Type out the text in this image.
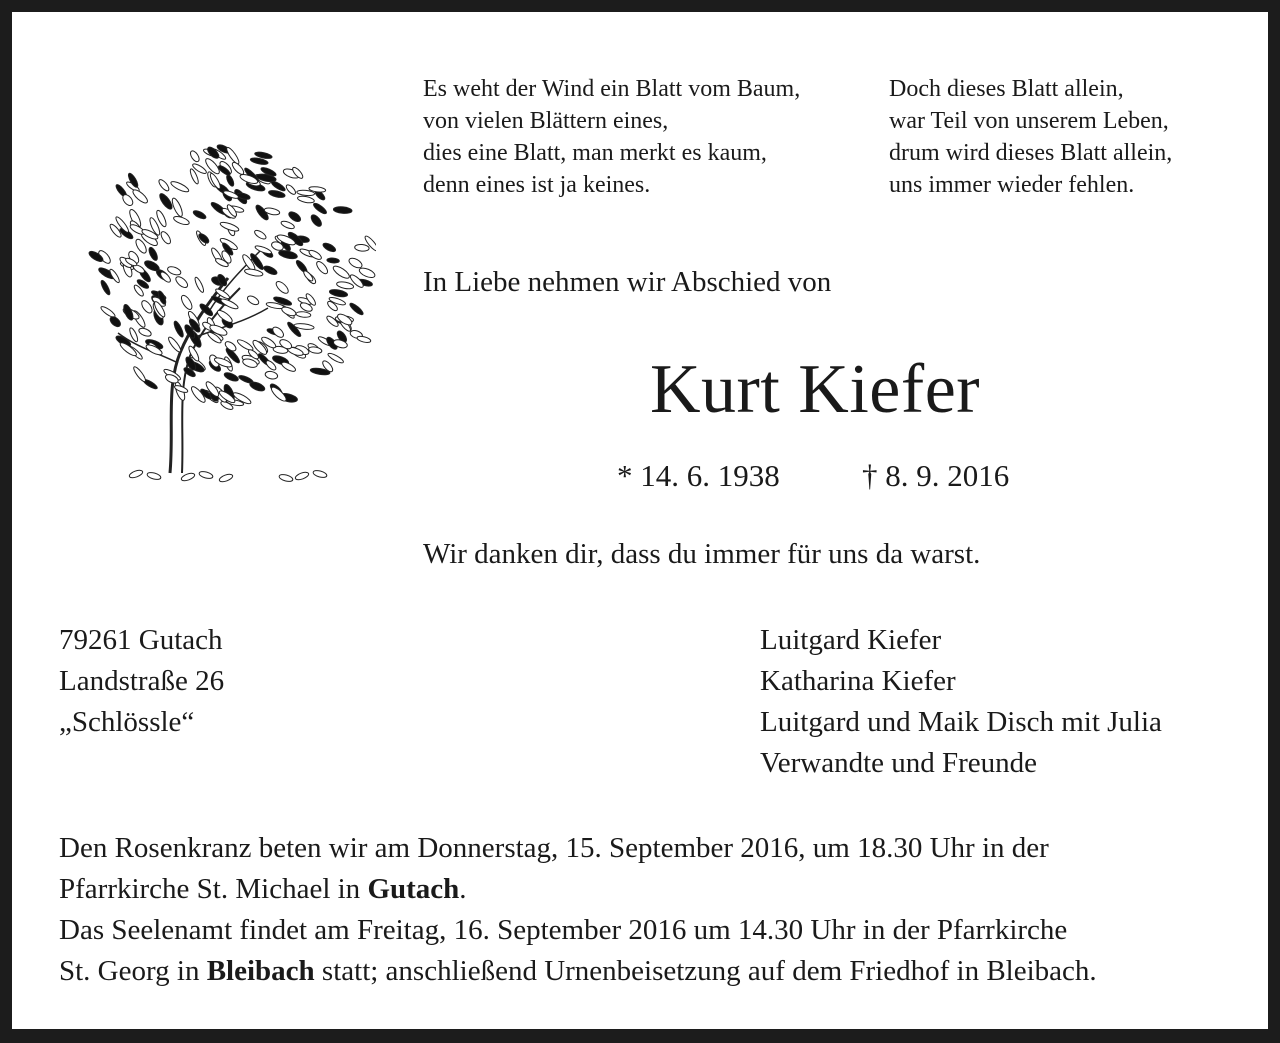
Es weht der Wind ein Blatt vom Baum,
von vielen Blättern eines,
dies eine Blatt, man merkt es kaum,
denn eines ist ja keines.
Doch dieses Blatt allein,
war Teil von unserem Leben,
drum wird dieses Blatt allein,
uns immer wieder fehlen.
In Liebe nehmen wir Abschied von
Kurt Kiefer
* 14. 6. 1938	† 8. 9. 2016
Wir danken dir, dass du immer für uns da warst.
79261 Gutach
Landstraße 26
„Schlössle“
Luitgard Kiefer
Katharina Kiefer
Luitgard und Maik Disch mit Julia
Verwandte und Freunde
Den Rosenkranz beten wir am Donnerstag, 15. September 2016, um 18.30 Uhr in der
Pfarrkirche St. Michael in Gutach.
Das Seelenamt findet am Freitag, 16. September 2016 um 14.30 Uhr in der Pfarrkirche
St. Georg in Bleibach statt; anschließend Urnenbeisetzung auf dem Friedhof in Bleibach.
